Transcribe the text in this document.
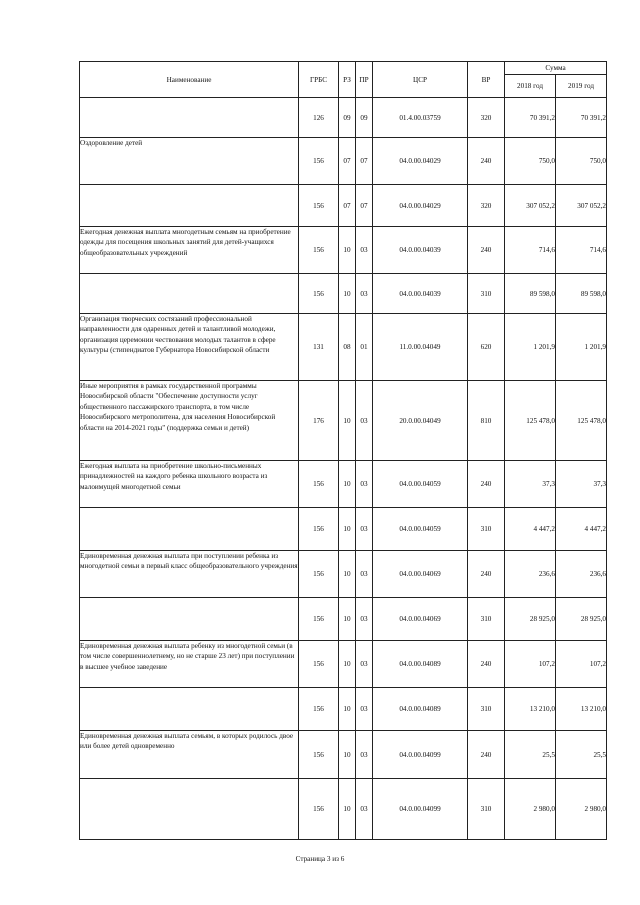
Наименование	ГРБС	РЗ	ПР	ЦСР	ВР	Сумма	
						2018 год	2019 год
	126	09	09	01.4.00.03759	320	70 391,2	70 391,2
Оздоровление детей	156	07	07	04.0.00.04029	240	750,0	750,0
	156	07	07	04.0.00.04029	320	307 052,2	307 052,2
Ежегодная денежная выплата многодетным семьям на приобретение одежды для посещения школьных занятий для детей-учащихся общеобразовательных учреждений	156	10	03	04.0.00.04039	240	714,6	714,6
	156	10	03	04.0.00.04039	310	89 598,0	89 598,0
Организация творческих состязаний профессиональной направленности для одаренных детей и талантливой молодежи, организация церемонии чествования молодых талантов в сфере культуры (стипендиатов Губернатора Новосибирской области	131	08	01	11.0.00.04049	620	1 201,9	1 201,9
Иные мероприятия в рамках государственной программы Новосибирской области "Обеспечение доступности услуг общественного пассажирского транспорта, в том числе Новосибирского метрополитена, для населения Новосибирской области на 2014-2021 годы" (поддержка семьи и детей)	176	10	03	20.0.00.04049	810	125 478,0	125 478,0
Ежегодная выплата на приобретение школьно-письменных принадлежностей на каждого ребенка школьного возраста из малоимущей многодетной семьи	156	10	03	04.0.00.04059	240	37,3	37,3
	156	10	03	04.0.00.04059	310	4 447,2	4 447,2
Единовременная денежная выплата при поступлении ребенка из многодетной семьи в первый класс общеобразовательного учреждения	156	10	03	04.0.00.04069	240	236,6	236,6
	156	10	03	04.0.00.04069	310	28 925,0	28 925,0
Единовременная денежная выплата ребенку из многодетной семьи (в том числе совершеннолетнему, но не старше 23 лет) при поступлении в высшее учебное заведение	156	10	03	04.0.00.04089	240	107,2	107,2
	156	10	03	04.0.00.04089	310	13 210,0	13 210,0
Единовременная денежная выплата семьям, в которых родилось двое или более детей одновременно	156	10	03	04.0.00.04099	240	25,5	25,5
	156	10	03	04.0.00.04099	310	2 980,0	2 980,0
Страница 3 из 6
